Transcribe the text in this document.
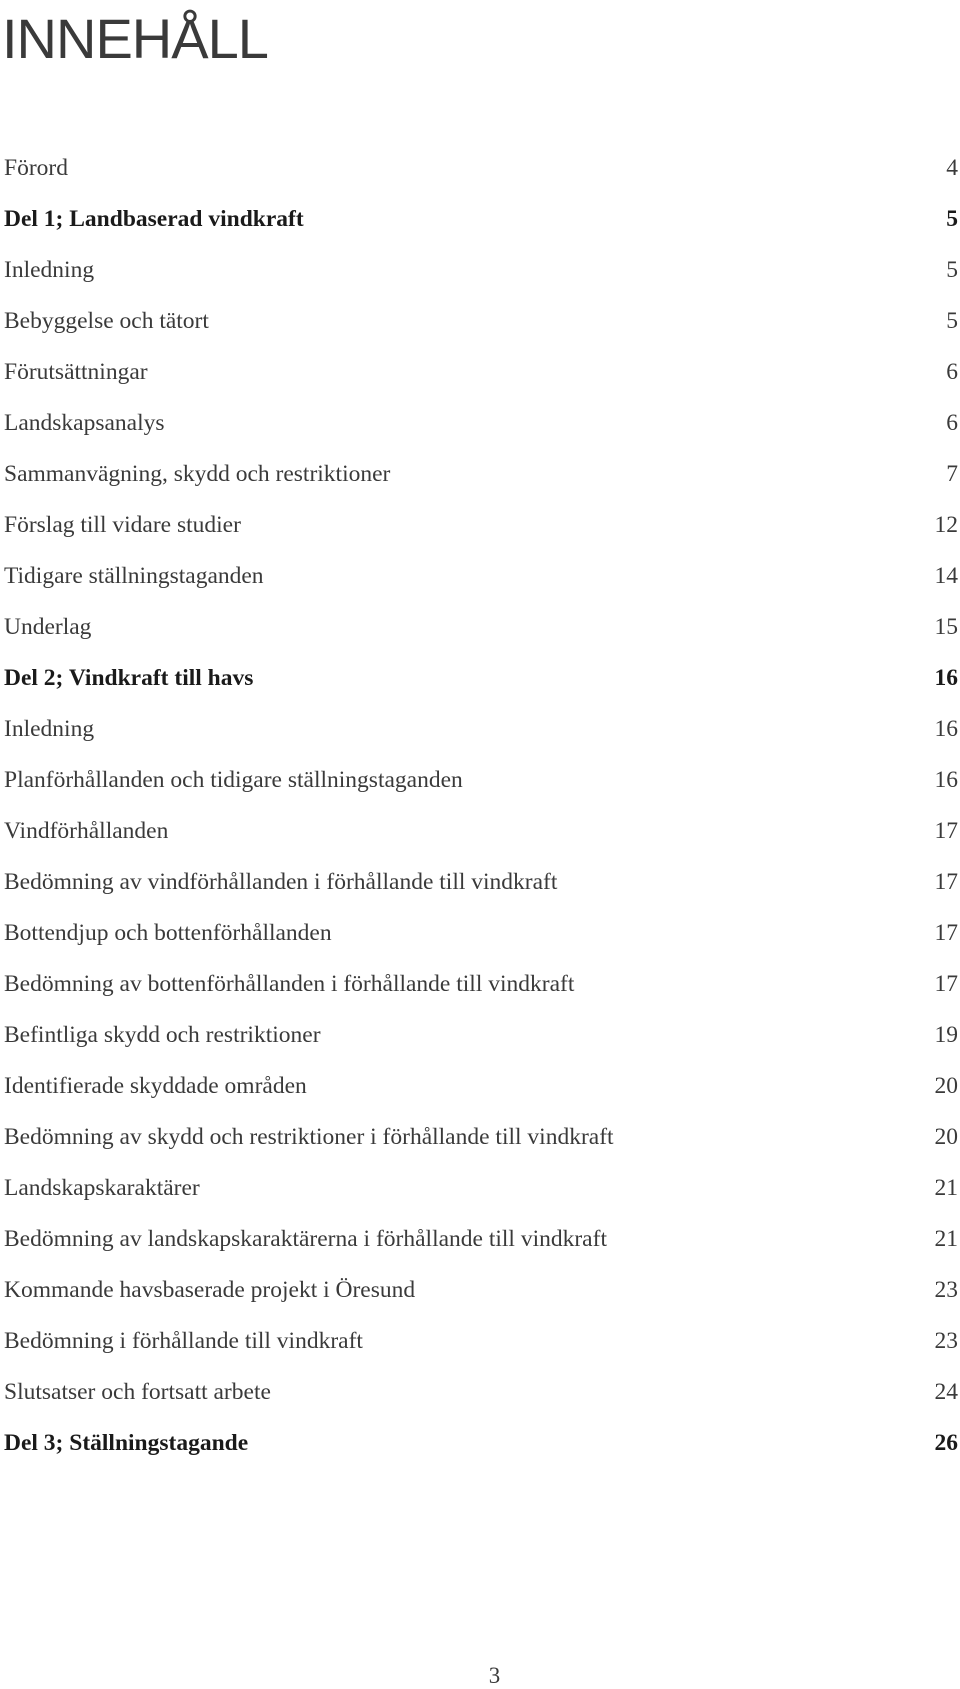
INNEHÅLL
Förord	4
Del 1; Landbaserad vindkraft	5
Inledning	5
Bebyggelse och tätort	5
Förutsättningar	6
Landskapsanalys	6
Sammanvägning, skydd och restriktioner	7
Förslag till vidare studier	12
Tidigare ställningstaganden	14
Underlag	15
Del 2; Vindkraft till havs	16
Inledning	16
Planförhållanden och tidigare ställningstaganden	16
Vindförhållanden	17
Bedömning av vindförhållanden i förhållande till vindkraft	17
Bottendjup och bottenförhållanden	17
Bedömning av bottenförhållanden i förhållande till vindkraft	17
Befintliga skydd och restriktioner	19
Identifierade skyddade områden	20
Bedömning av skydd och restriktioner i förhållande till vindkraft	20
Landskapskaraktärer	21
Bedömning av landskapskaraktärerna i förhållande till vindkraft	21
Kommande havsbaserade projekt i Öresund	23
Bedömning i förhållande till vindkraft	23
Slutsatser och fortsatt arbete	24
Del 3; Ställningstagande	26
3
